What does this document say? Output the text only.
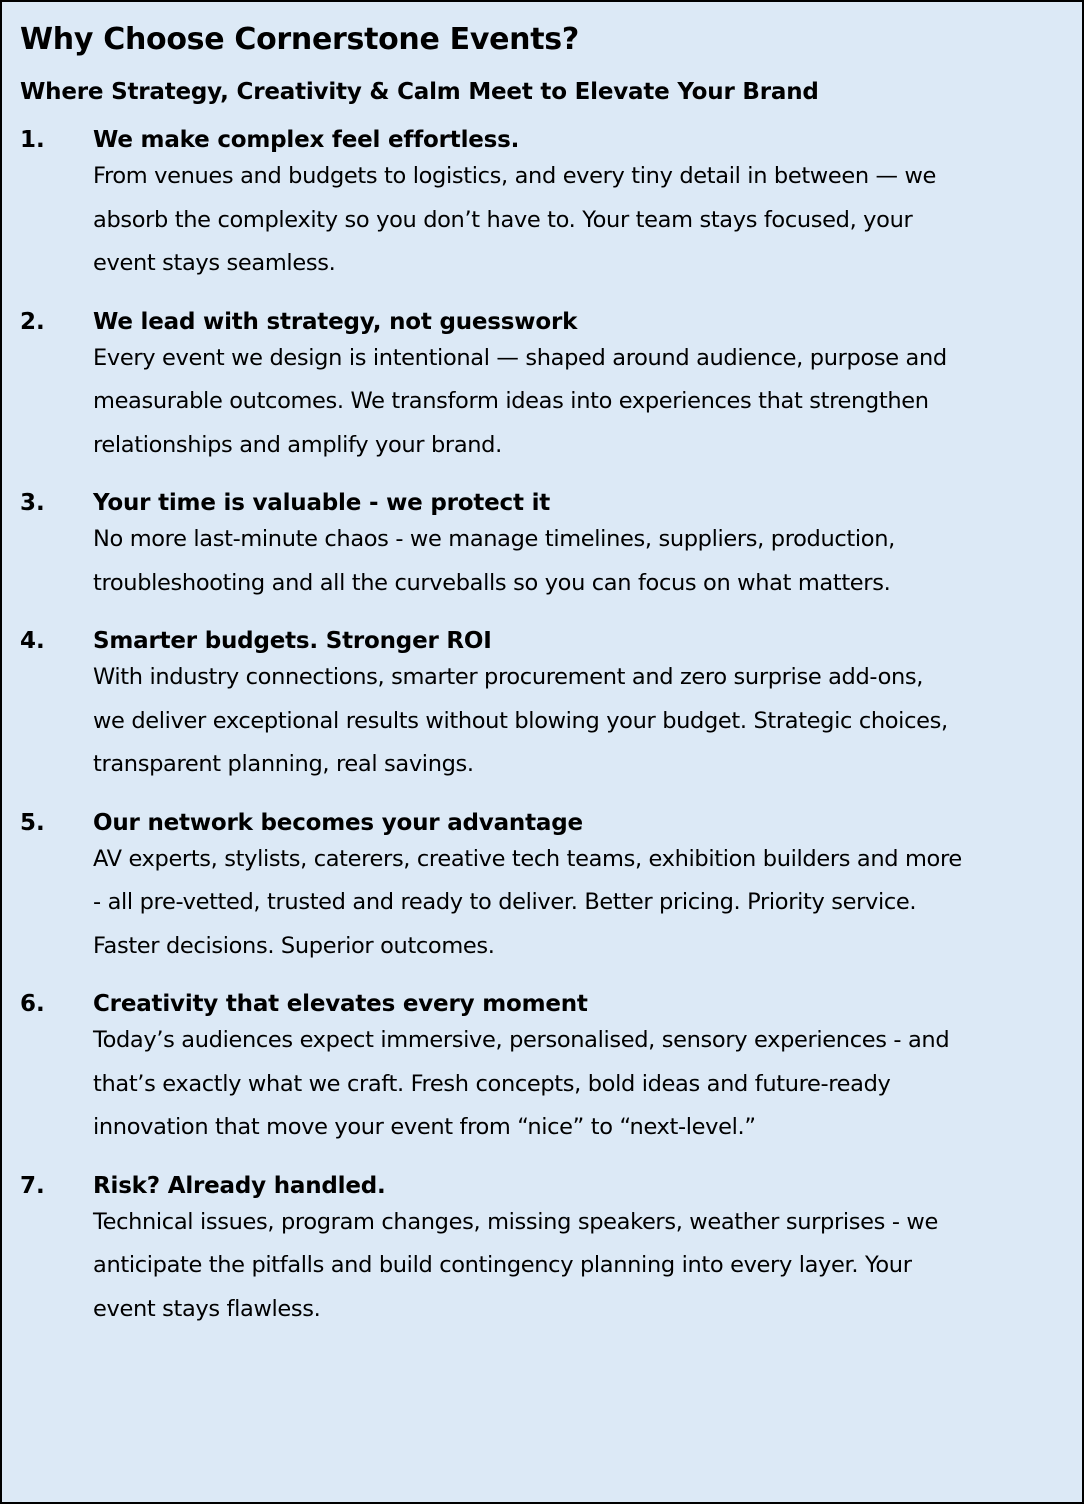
Why Choose Cornerstone Events?
Where Strategy, Creativity & Calm Meet to Elevate Your Brand
1.	We make complex feel effortless.
From venues and budgets to logistics, and every tiny detail in between — we
absorb the complexity so you don’t have to. Your team stays focused, your
event stays seamless.
2.	We lead with strategy, not guesswork
Every event we design is intentional — shaped around audience, purpose and
measurable outcomes. We transform ideas into experiences that strengthen
relationships and amplify your brand.
3.	Your time is valuable - we protect it
No more last-minute chaos - we manage timelines, suppliers, production,
troubleshooting and all the curveballs so you can focus on what matters.
4.	Smarter budgets. Stronger ROI
With industry connections, smarter procurement and zero surprise add-ons,
we deliver exceptional results without blowing your budget. Strategic choices,
transparent planning, real savings.
5.	Our network becomes your advantage
AV experts, stylists, caterers, creative tech teams, exhibition builders and more
- all pre-vetted, trusted and ready to deliver. Better pricing. Priority service.
Faster decisions. Superior outcomes.
6.	Creativity that elevates every moment
Today’s audiences expect immersive, personalised, sensory experiences - and
that’s exactly what we craft. Fresh concepts, bold ideas and future-ready
innovation that move your event from “nice” to “next-level.”
7.	Risk? Already handled.
Technical issues, program changes, missing speakers, weather surprises - we
anticipate the pitfalls and build contingency planning into every layer. Your
event stays flawless.
